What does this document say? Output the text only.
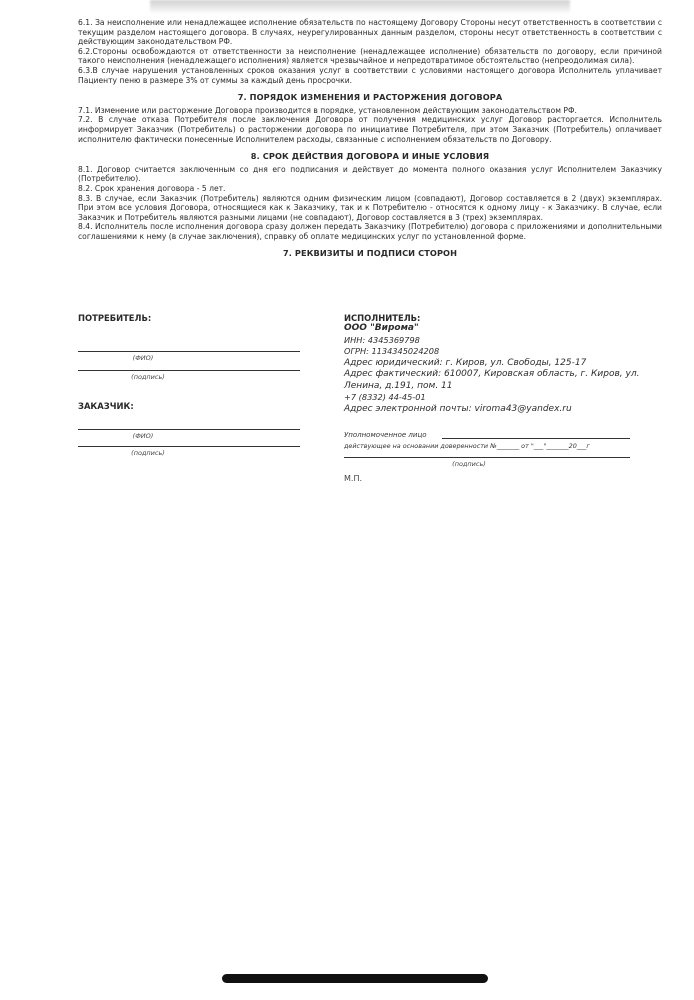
6.1. За неисполнение или ненадлежащее исполнение обязательств по настоящему Договору Стороны несут ответственность в соответствии с текущим разделом настоящего договора. В случаях, неурегулированных данным разделом, стороны несут ответственность в соответствии с действующим законодательством РФ.

6.2.Стороны освобождаются от ответственности за неисполнение (ненадлежащее исполнение) обязательств по договору, если причиной такого неисполнения (ненадлежащего исполнения) является чрезвычайное и непредотвратимое обстоятельство (непреодолимая сила).

6.3.В случае нарушения установленных сроков оказания услуг в соответствии с условиями настоящего договора Исполнитель уплачивает Пациенту пеню в размере 3% от суммы за каждый день просрочки.

7. ПОРЯДОК ИЗМЕНЕНИЯ И РАСТОРЖЕНИЯ ДОГОВОРА

7.1. Изменение или расторжение Договора производится в порядке, установленном действующим законодательством РФ.

7.2. В случае отказа Потребителя после заключения Договора от получения медицинских услуг Договор расторгается. Исполнитель информирует Заказчик (Потребитель) о расторжении договора по инициативе Потребителя, при этом Заказчик (Потребитель) оплачивает исполнителю фактически понесенные Исполнителем расходы, связанные с исполнением обязательств по Договору.

8. СРОК ДЕЙСТВИЯ ДОГОВОРА И ИНЫЕ УСЛОВИЯ

8.1. Договор считается заключенным со дня его подписания и действует до момента полного оказания услуг Исполнителем Заказчику (Потребителю).

8.2. Срок хранения договора - 5 лет.

8.3. В случае, если Заказчик (Потребитель) являются одним физическим лицом (совпадают), Договор составляется в 2 (двух) экземплярах. При этом все условия Договора, относящиеся как к Заказчику, так и к Потребителю - относятся к одному лицу - к Заказчику. В случае, если Заказчик и Потребитель являются разными лицами (не совпадают), Договор составляется в 3 (трех) экземплярах.

8.4. Исполнитель после исполнения договора сразу должен передать Заказчику (Потребителю) договора с приложениями и дополнительными соглашениями к нему (в случае заключения), справку об оплате медицинских услуг по установленной форме.

7. РЕКВИЗИТЫ И ПОДПИСИ СТОРОН
ПОТРЕБИТЕЛЬ:
(ФИО)
(подпись)
ЗАКАЗЧИК:
(ФИО)
(подпись)
ИСПОЛНИТЕЛЬ:
ООО "Вирома"
ИНН: 4345369798
ОГРН: 1134345024208
Адрес юридический: г. Киров, ул. Свободы, 125-17
Адрес фактический: 610007, Кировская область, г. Киров, ул. Ленина, д.191, пом. 11
+7 (8332) 44-45-01
Адрес электронной почты: viroma43@yandex.ru
Уполномоченное лицо
действующее на основании доверенности №_______ от "___"_______20___г
(подпись)
М.П.
